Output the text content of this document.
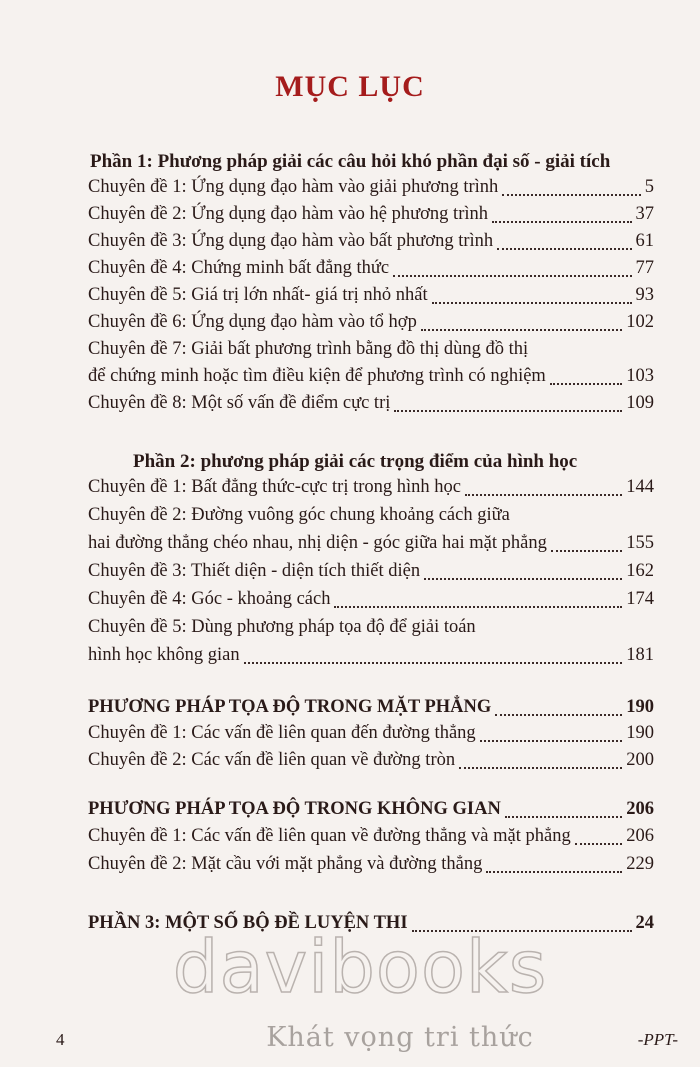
MỤC LỤC
Phần 1: Phương pháp giải các câu hỏi khó phần đại số - giải tích
Chuyên đề 1: Ứng dụng đạo hàm vào giải phương trình	5
Chuyên đề 2: Ứng dụng đạo hàm vào hệ phương trình	37
Chuyên đề 3: Ứng dụng đạo hàm vào bất phương trình	61
Chuyên đề 4: Chứng minh bất đẳng thức	77
Chuyên đề 5: Giá trị lớn nhất- giá trị nhỏ nhất	93
Chuyên đề 6: Ứng dụng đạo hàm vào tổ hợp	102
Chuyên đề 7: Giải bất phương trình bằng đồ thị dùng đồ thị
để chứng minh hoặc tìm điều kiện để phương trình có nghiệm	103
Chuyên đề 8: Một số vấn đề điểm cực trị	109
Phần 2: phương pháp giải các trọng điểm của hình học
Chuyên đề 1: Bất đẳng thức-cực trị trong hình học	144
Chuyên đề 2: Đường vuông góc chung khoảng cách giữa
hai đường thẳng chéo nhau, nhị diện - góc giữa hai mặt phẳng	155
Chuyên đề 3: Thiết diện - diện tích thiết diện	162
Chuyên đề 4: Góc - khoảng cách	174
Chuyên đề 5: Dùng phương pháp tọa độ để giải toán
hình học không gian	181
PHƯƠNG PHÁP TỌA ĐỘ TRONG MẶT PHẲNG	190
Chuyên đề 1: Các vấn đề liên quan đến đường thẳng	190
Chuyên đề 2: Các vấn đề liên quan về đường tròn	200
PHƯƠNG PHÁP TỌA ĐỘ TRONG KHÔNG GIAN	206
Chuyên đề 1: Các vấn đề liên quan về đường thẳng và mặt phẳng	206
Chuyên đề 2: Mặt cầu với mặt phẳng và đường thẳng	229
PHẦN 3: MỘT SỐ BỘ ĐỀ LUYỆN THI	24
davibooks
Khát vọng tri thức
4	-PPT-
